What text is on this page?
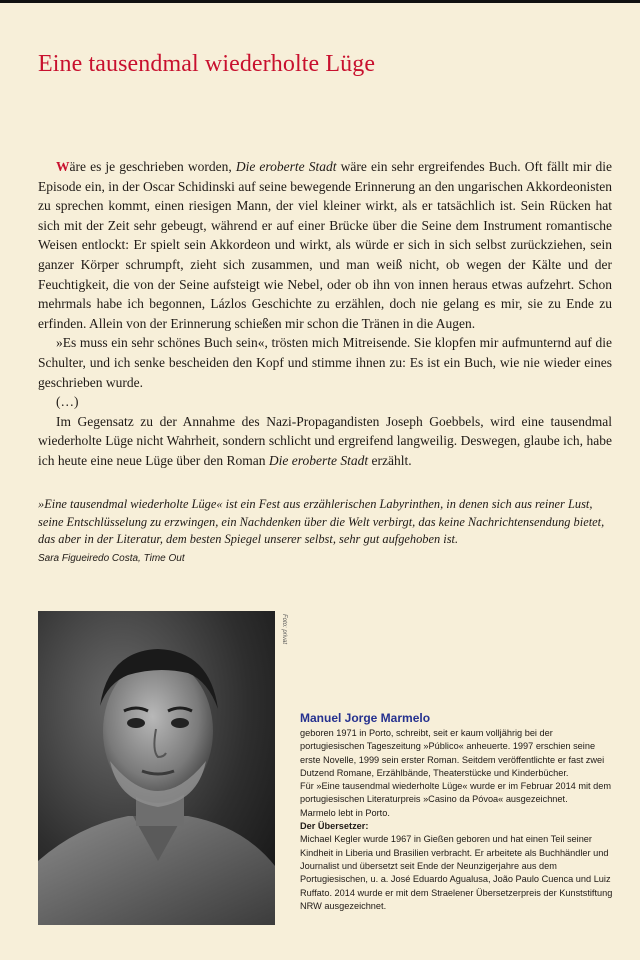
Eine tausendmal wiederholte Lüge

Wäre es je geschrieben worden, Die eroberte Stadt wäre ein sehr ergreifendes Buch. Oft fällt mir die Episode ein, in der Oscar Schidinski auf seine bewegende Erinnerung an den ungarischen Akkordeonisten zu sprechen kommt, einen riesigen Mann, der viel kleiner wirkt, als er tatsächlich ist. Sein Rücken hat sich mit der Zeit sehr gebeugt, während er auf einer Brücke über die Seine dem Instrument romantische Weisen entlockt: Er spielt sein Akkordeon und wirkt, als würde er sich in sich selbst zurückziehen, sein ganzer Körper schrumpft, zieht sich zusammen, und man weiß nicht, ob wegen der Kälte und der Feuchtigkeit, die von der Seine aufsteigt wie Nebel, oder ob ihn von innen heraus etwas aufzehrt. Schon mehrmals habe ich begonnen, Lázlos Geschichte zu erzählen, doch nie gelang es mir, sie zu Ende zu erfinden. Allein von der Erinnerung schießen mir schon die Tränen in die Augen.

»Es muss ein sehr schönes Buch sein«, trösten mich Mitreisende. Sie klopfen mir aufmunternd auf die Schulter, und ich senke bescheiden den Kopf und stimme ihnen zu: Es ist ein Buch, wie nie wieder eines geschrieben wurde.

(…)

Im Gegensatz zu der Annahme des Nazi-Propagandisten Joseph Goebbels, wird eine tausendmal wiederholte Lüge nicht Wahrheit, sondern schlicht und ergreifend langweilig. Deswegen, glaube ich, habe ich heute eine neue Lüge über den Roman Die eroberte Stadt erzählt.

»Eine tausendmal wiederholte Lüge« ist ein Fest aus erzählerischen Labyrinthen, in denen sich aus reiner Lust, seine Entschlüsselung zu erzwingen, ein Nachdenken über die Welt verbirgt, das keine Nachrichtensendung bietet, das aber in der Literatur, dem besten Spiegel unserer selbst, sehr gut aufgehoben ist.

Sara Figueiredo Costa, Time Out
Foto: privat
Manuel Jorge Marmelo

geboren 1971 in Porto, schreibt, seit er kaum volljährig bei der portugiesischen Tageszeitung »Público« anheuerte. 1997 erschien seine erste Novelle, 1999 sein erster Roman. Seitdem veröffentlichte er fast zwei Dutzend Romane, Erzählbände, Theaterstücke und Kinderbücher.

Für »Eine tausendmal wiederholte Lüge« wurde er im Februar 2014 mit dem portugiesischen Literaturpreis »Casino da Póvoa« ausgezeichnet.

Marmelo lebt in Porto.

Der Übersetzer:

Michael Kegler wurde 1967 in Gießen geboren und hat einen Teil seiner Kindheit in Liberia und Brasilien verbracht. Er arbeitete als Buchhändler und Journalist und übersetzt seit Ende der Neunzigerjahre aus dem Portugiesischen, u. a. José Eduardo Agualusa, João Paulo Cuenca und Luiz Ruffato. 2014 wurde er mit dem Straelener Übersetzerpreis der Kunststiftung NRW ausgezeichnet.
